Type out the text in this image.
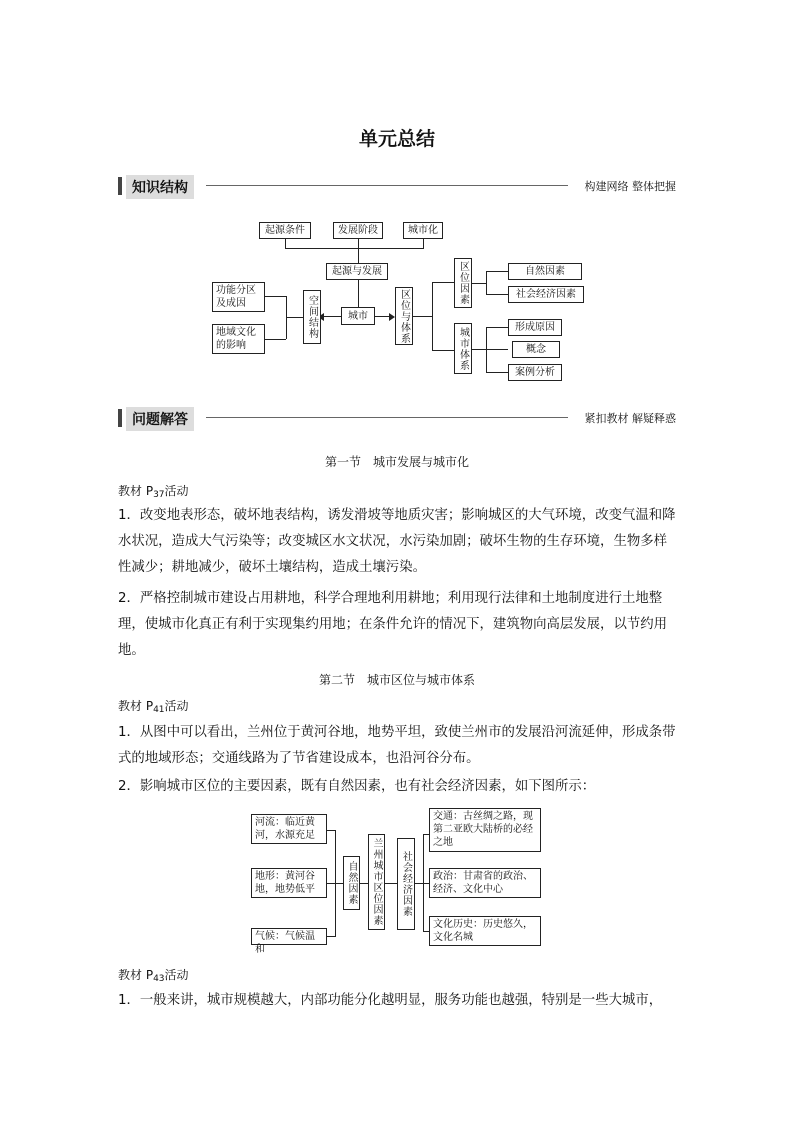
单元总结
知识结构	构建网络 整体把握
起源条件	发展阶段	城市化
起源与发展
城市
空间结构
功能分区及成因
地域文化的影响
区位与体系
区位因素	自然因素
社会经济因素
城市体系	形成原因
概念
案例分析
问题解答	紧扣教材 解疑释惑
第一节　城市发展与城市化
教材 $P_{37}$活动
1．改变地表形态，破坏地表结构，诱发滑坡等地质灾害；影响城区的大气环境，改变气温和降水状况，造成大气污染等；改变城区水文状况，水污染加剧；破坏生物的生存环境，生物多样性减少；耕地减少，破坏土壤结构，造成土壤污染。
2．严格控制城市建设占用耕地，科学合理地利用耕地；利用现行法律和土地制度进行土地整理，使城市化真正有利于实现集约用地；在条件允许的情况下，建筑物向高层发展，以节约用地。
第二节　城市区位与城市体系
教材 $P_{41}$活动
1．从图中可以看出，兰州位于黄河谷地，地势平坦，致使兰州市的发展沿河流延伸，形成条带式的地域形态；交通线路为了节省建设成本，也沿河谷分布。
2．影响城市区位的主要因素，既有自然因素，也有社会经济因素，如下图所示：
河流：临近黄河，水源充足
地形：黄河谷地，地势低平
气候：气候温和
自然因素	兰州城市区位因素	社会经济因素
交通：古丝绸之路，现第二亚欧大陆桥的必经之地
政治：甘肃省的政治、经济、文化中心
文化历史：历史悠久，文化名城
教材 $P_{43}$活动
1．一般来讲，城市规模越大，内部功能分化越明显，服务功能也越强，特别是一些大城市，
